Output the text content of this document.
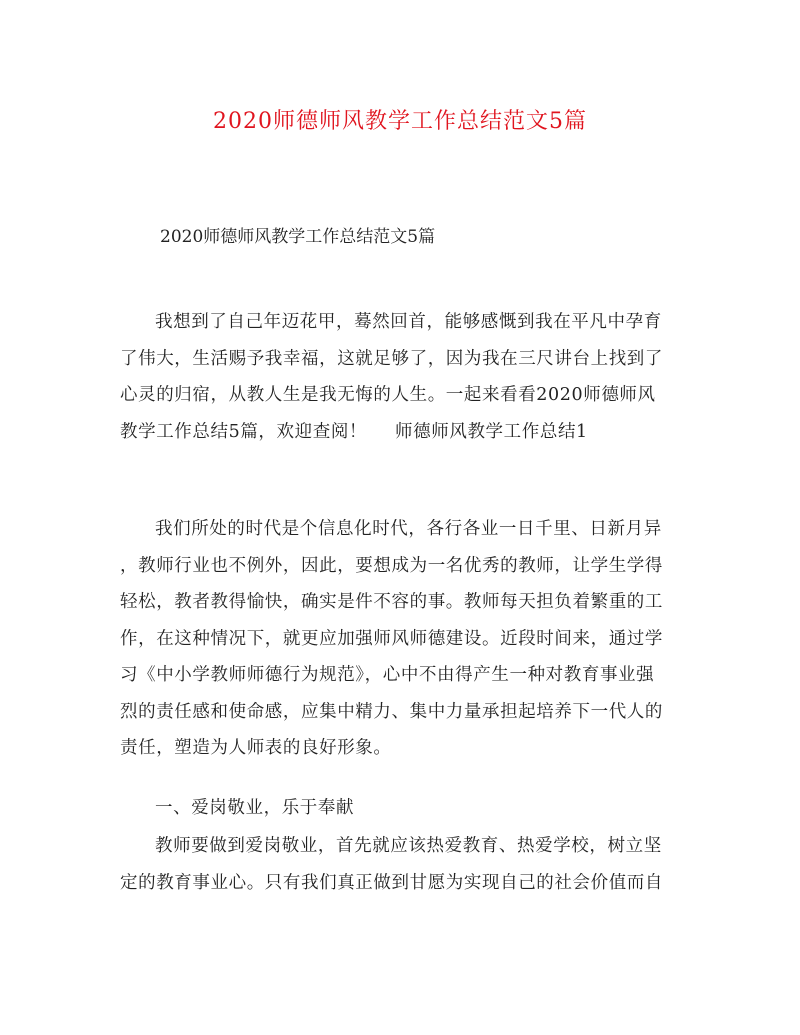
2020师德师风教学工作总结范文5篇
2020师德师风教学工作总结范文5篇
我想到了自己年迈花甲，蓦然回首，能够感慨到我在平凡中孕育
了伟大，生活赐予我幸福，这就足够了，因为我在三尺讲台上找到了
心灵的归宿，从教人生是我无悔的人生。一起来看看2020师德师风
教学工作总结5篇，欢迎查阅！ 师德师风教学工作总结1
我们所处的时代是个信息化时代，各行各业一日千里、日新月异
，教师行业也不例外，因此，要想成为一名优秀的教师，让学生学得
轻松，教者教得愉快，确实是件不容的事。教师每天担负着繁重的工
作，在这种情况下，就更应加强师风师德建设。近段时间来，通过学
习《中小学教师师德行为规范》，心中不由得产生一种对教育事业强
烈的责任感和使命感，应集中精力、集中力量承担起培养下一代人的
责任，塑造为人师表的良好形象。
一、爱岗敬业，乐于奉献
教师要做到爱岗敬业，首先就应该热爱教育、热爱学校，树立坚
定的教育事业心。只有我们真正做到甘愿为实现自己的社会价值而自
